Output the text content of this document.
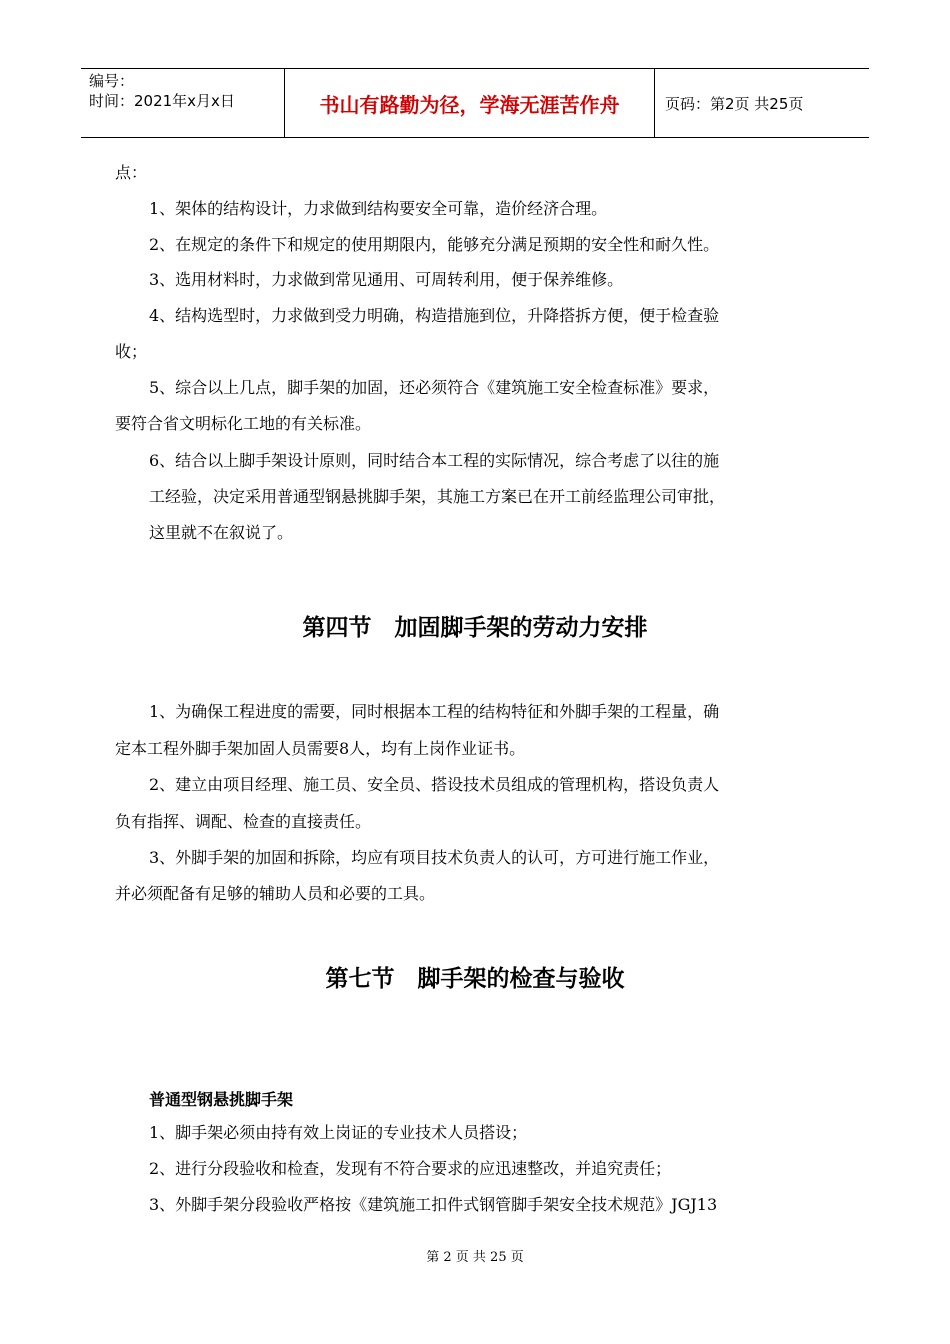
编号：
时间：2021年x月x日	书山有路勤为径，学海无涯苦作舟	页码：第2页 共25页
点：
1、架体的结构设计，力求做到结构要安全可靠，造价经济合理。
2、在规定的条件下和规定的使用期限内，能够充分满足预期的安全性和耐久性。
3、选用材料时，力求做到常见通用、可周转利用，便于保养维修。
4、结构选型时，力求做到受力明确，构造措施到位，升降搭拆方便，便于检查验
收；
5、综合以上几点，脚手架的加固，还必须符合《建筑施工安全检查标准》要求，
要符合省文明标化工地的有关标准。
6、结合以上脚手架设计原则，同时结合本工程的实际情况，综合考虑了以往的施
工经验，决定采用普通型钢悬挑脚手架，其施工方案已在开工前经监理公司审批，
这里就不在叙说了。
第四节　加固脚手架的劳动力安排
1、为确保工程进度的需要，同时根据本工程的结构特征和外脚手架的工程量，确
定本工程外脚手架加固人员需要8人，均有上岗作业证书。
2、建立由项目经理、施工员、安全员、搭设技术员组成的管理机构，搭设负责人
负有指挥、调配、检查的直接责任。
3、外脚手架的加固和拆除，均应有项目技术负责人的认可，方可进行施工作业，
并必须配备有足够的辅助人员和必要的工具。
第七节　脚手架的检查与验收
普通型钢悬挑脚手架
1、脚手架必须由持有效上岗证的专业技术人员搭设；
2、进行分段验收和检查，发现有不符合要求的应迅速整改，并追究责任；
3、外脚手架分段验收严格按《建筑施工扣件式钢管脚手架安全技术规范》JGJ13
第 2 页 共 25 页
